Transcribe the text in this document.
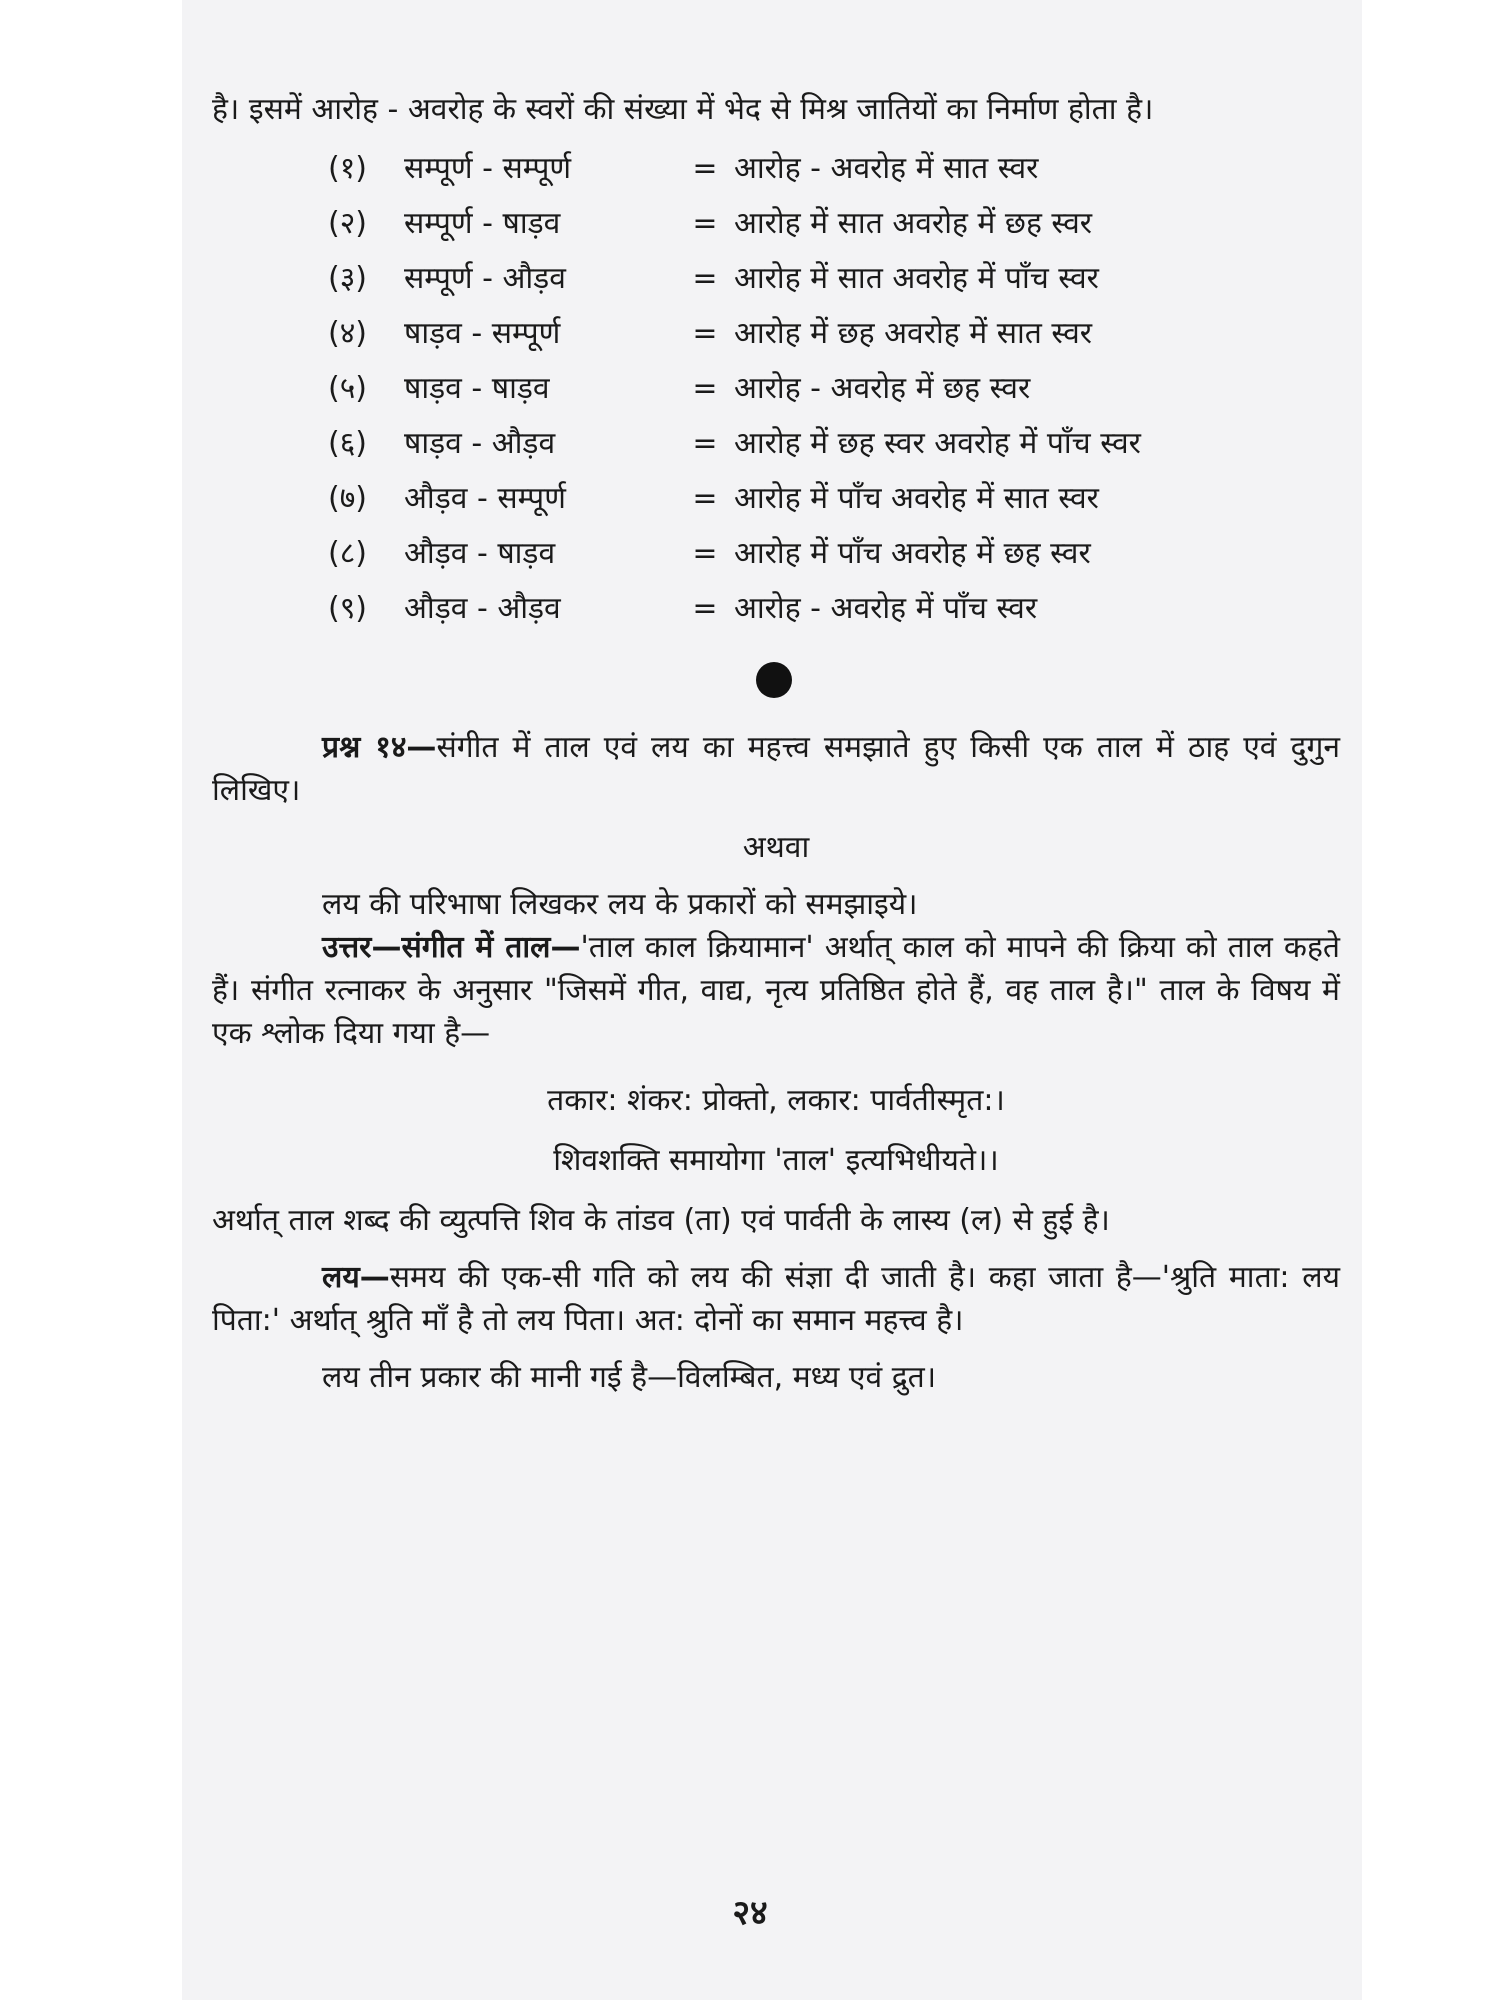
है। इसमें आरोह - अवरोह के स्वरों की संख्या में भेद से मिश्र जातियों का निर्माण होता है।

(१)	सम्पूर्ण - सम्पूर्ण	= आरोह - अवरोह में सात स्वर
(२)	सम्पूर्ण - षाड़व	= आरोह में सात अवरोह में छह स्वर
(३)	सम्पूर्ण - औड़व	= आरोह में सात अवरोह में पाँच स्वर
(४)	षाड़व - सम्पूर्ण	= आरोह में छह अवरोह में सात स्वर
(५)	षाड़व - षाड़व	= आरोह - अवरोह में छह स्वर
(६)	षाड़व - औड़व	= आरोह में छह स्वर अवरोह में पाँच स्वर
(७)	औड़व - सम्पूर्ण	= आरोह में पाँच अवरोह में सात स्वर
(८)	औड़व - षाड़व	= आरोह में पाँच अवरोह में छह स्वर
(९)	औड़व - औड़व	= आरोह - अवरोह में पाँच स्वर

प्रश्न १४—संगीत में ताल एवं लय का महत्त्व समझाते हुए किसी एक ताल में ठाह एवं दुगुन लिखिए।

अथवा

लय की परिभाषा लिखकर लय के प्रकारों को समझाइये।

उत्तर—संगीत में ताल—'ताल काल क्रियामान' अर्थात् काल को मापने की क्रिया को ताल कहते हैं। संगीत रत्नाकर के अनुसार "जिसमें गीत, वाद्य, नृत्य प्रतिष्ठित होते हैं, वह ताल है।" ताल के विषय में एक श्लोक दिया गया है—

तकार: शंकर: प्रोक्तो, लकार: पार्वतीस्मृत:।

शिवशक्ति समायोगा 'ताल' इत्यभिधीयते।।

अर्थात् ताल शब्द की व्युत्पत्ति शिव के तांडव (ता) एवं पार्वती के लास्य (ल) से हुई है।

लय—समय की एक-सी गति को लय की संज्ञा दी जाती है। कहा जाता है—'श्रुति माता: लय पिता:' अर्थात् श्रुति माँ है तो लय पिता। अत: दोनों का समान महत्त्व है।

लय तीन प्रकार की मानी गई है—विलम्बित, मध्य एवं द्रुत।

२४
